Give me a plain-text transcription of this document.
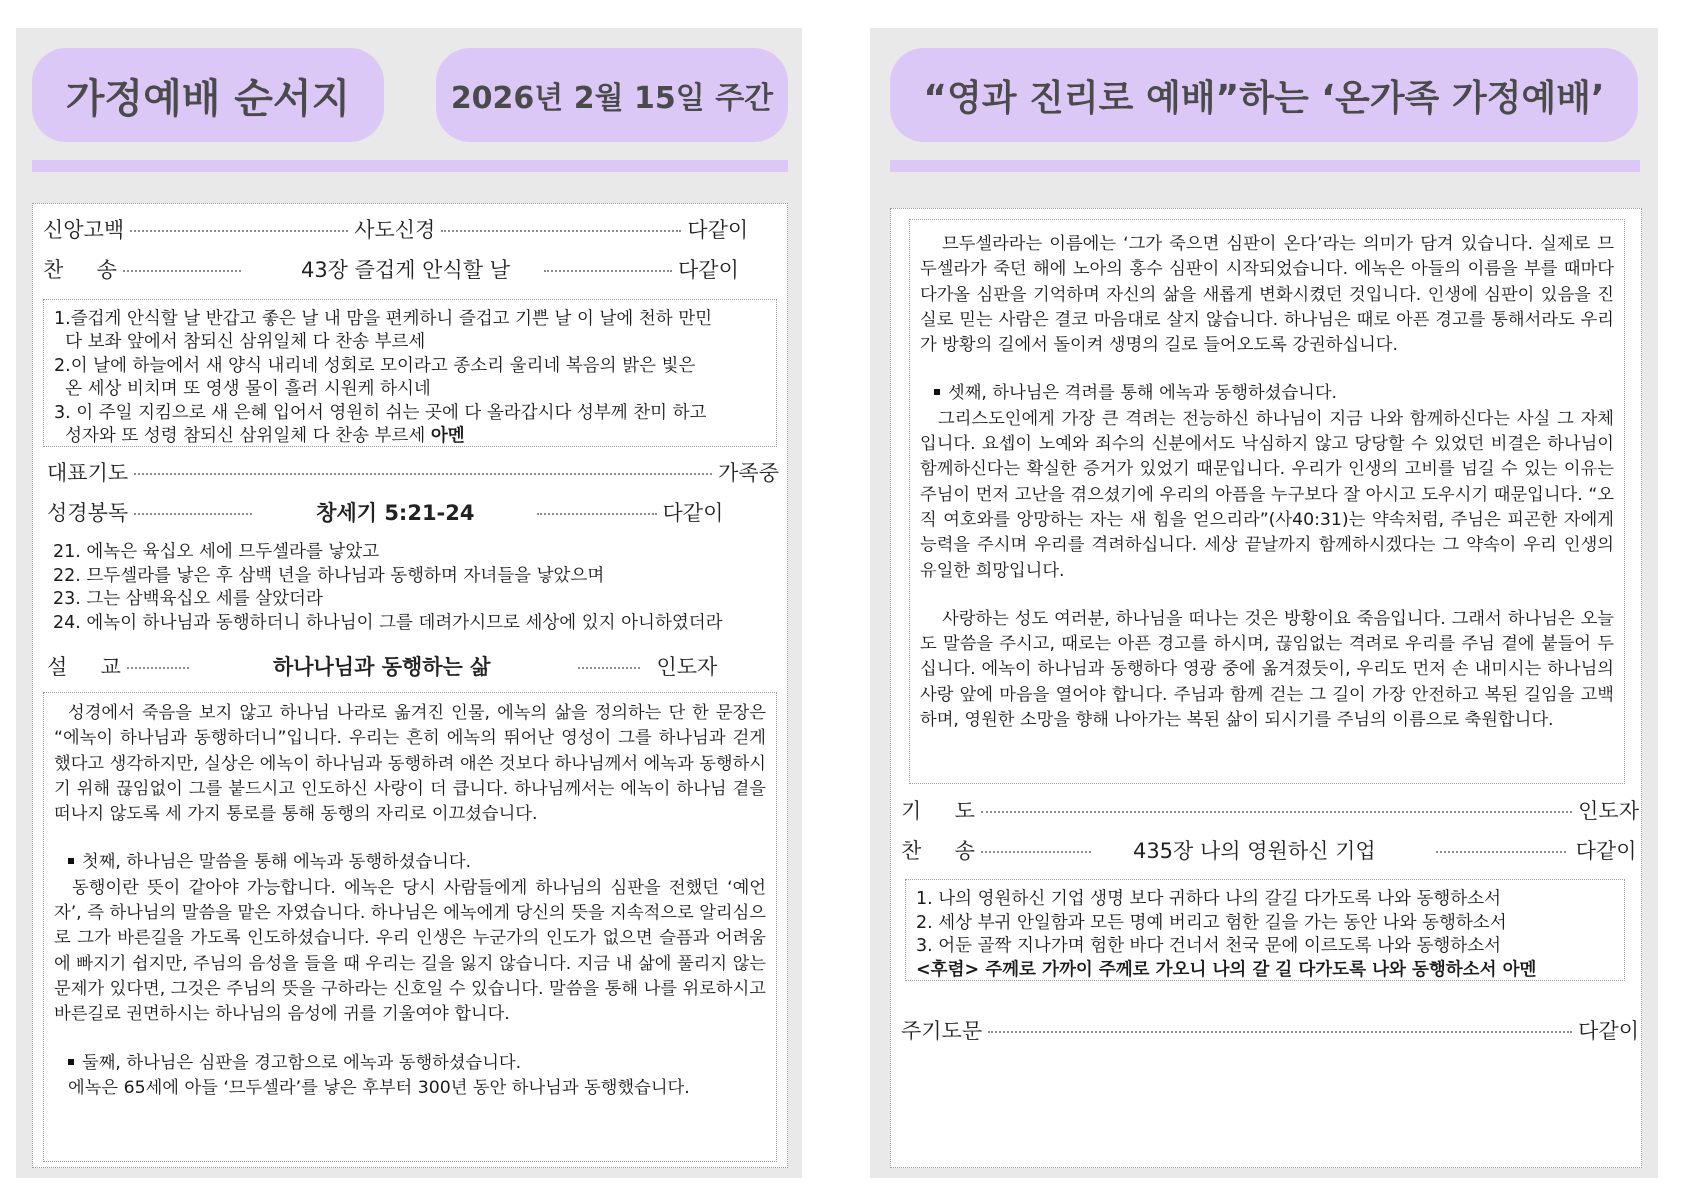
가정예배 순서지	2026년 2월 15일 주간
신앙고백	사도신경	다같이
찬     송	43장 즐겁게 안식할 날	다같이
1.즐겁게 안식할 날 반갑고 좋은 날 내 맘을 편케하니 즐겁고 기쁜 날 이 날에 천하 만민
다 보좌 앞에서 참되신 삼위일체 다 찬송 부르세
2.이 날에 하늘에서 새 양식 내리네 성회로 모이라고 종소리 울리네 복음의 밝은 빛은
온 세상 비치며 또 영생 물이 흘러 시원케 하시네
3. 이 주일 지킴으로 새 은혜 입어서 영원히 쉬는 곳에 다 올라갑시다 성부께 찬미 하고
성자와 또 성령 참되신 삼위일체 다 찬송 부르세 아멘
대표기도	가족중
성경봉독	창세기 5:21-24	다같이
21. 에녹은 육십오 세에 므두셀라를 낳았고
22. 므두셀라를 낳은 후 삼백 년을 하나님과 동행하며 자녀들을 낳았으며
23. 그는 삼백육십오 세를 살았더라
24. 에녹이 하나님과 동행하더니 하나님이 그를 데려가시므로 세상에 있지 아니하였더라
설     교	하나나님과 동행하는 삶	인도자
성경에서 죽음을 보지 않고 하나님 나라로 옮겨진 인물, 에녹의 삶을 정의하는 단 한 문장은 “에녹이 하나님과 동행하더니”입니다. 우리는 흔히 에녹의 뛰어난 영성이 그를 하나님과 걷게 했다고 생각하지만, 실상은 에녹이 하나님과 동행하려 애쓴 것보다 하나님께서 에녹과 동행하시기 위해 끊임없이 그를 붙드시고 인도하신 사랑이 더 큽니다. 하나님께서는 에녹이 하나님 곁을 떠나지 않도록 세 가지 통로를 통해 동행의 자리로 이끄셨습니다.
첫째, 하나님은 말씀을 통해 에녹과 동행하셨습니다.
동행이란 뜻이 같아야 가능합니다. 에녹은 당시 사람들에게 하나님의 심판을 전했던 ‘예언자’, 즉 하나님의 말씀을 맡은 자였습니다. 하나님은 에녹에게 당신의 뜻을 지속적으로 알리심으로 그가 바른길을 가도록 인도하셨습니다. 우리 인생은 누군가의 인도가 없으면 슬픔과 어려움에 빠지기 쉽지만, 주님의 음성을 들을 때 우리는 길을 잃지 않습니다. 지금 내 삶에 풀리지 않는 문제가 있다면, 그것은 주님의 뜻을 구하라는 신호일 수 있습니다. 말씀을 통해 나를 위로하시고 바른길로 권면하시는 하나님의 음성에 귀를 기울여야 합니다.
둘째, 하나님은 심판을 경고함으로 에녹과 동행하셨습니다.
에녹은 65세에 아들 ‘므두셀라’를 낳은 후부터 300년 동안 하나님과 동행했습니다.
“영과 진리로 예배”하는 ‘온가족 가정예배’
므두셀라라는 이름에는 ‘그가 죽으면 심판이 온다’라는 의미가 담겨 있습니다. 실제로 므두셀라가 죽던 해에 노아의 홍수 심판이 시작되었습니다. 에녹은 아들의 이름을 부를 때마다 다가올 심판을 기억하며 자신의 삶을 새롭게 변화시켰던 것입니다. 인생에 심판이 있음을 진실로 믿는 사람은 결코 마음대로 살지 않습니다. 하나님은 때로 아픈 경고를 통해서라도 우리가 방황의 길에서 돌이켜 생명의 길로 들어오도록 강권하십니다.
셋째, 하나님은 격려를 통해 에녹과 동행하셨습니다.
그리스도인에게 가장 큰 격려는 전능하신 하나님이 지금 나와 함께하신다는 사실 그 자체입니다. 요셉이 노예와 죄수의 신분에서도 낙심하지 않고 당당할 수 있었던 비결은 하나님이 함께하신다는 확실한 증거가 있었기 때문입니다. 우리가 인생의 고비를 넘길 수 있는 이유는 주님이 먼저 고난을 겪으셨기에 우리의 아픔을 누구보다 잘 아시고 도우시기 때문입니다. “오직 여호와를 앙망하는 자는 새 힘을 얻으리라”(사40:31)는 약속처럼, 주님은 피곤한 자에게 능력을 주시며 우리를 격려하십니다. 세상 끝날까지 함께하시겠다는 그 약속이 우리 인생의 유일한 희망입니다.
사랑하는 성도 여러분, 하나님을 떠나는 것은 방황이요 죽음입니다. 그래서 하나님은 오늘도 말씀을 주시고, 때로는 아픈 경고를 하시며, 끊임없는 격려로 우리를 주님 곁에 붙들어 두십니다. 에녹이 하나님과 동행하다 영광 중에 옮겨졌듯이, 우리도 먼저 손 내미시는 하나님의 사랑 앞에 마음을 열어야 합니다. 주님과 함께 걷는 그 길이 가장 안전하고 복된 길임을 고백하며, 영원한 소망을 향해 나아가는 복된 삶이 되시기를 주님의 이름으로 축원합니다.
기     도	인도자
찬     송	435장 나의 영원하신 기업	다같이
1. 나의 영원하신 기업 생명 보다 귀하다 나의 갈길 다가도록 나와 동행하소서
2. 세상 부귀 안일함과 모든 명예 버리고 험한 길을 가는 동안 나와 동행하소서
3. 어둔 골짝 지나가며 험한 바다 건너서 천국 문에 이르도록 나와 동행하소서
<후렴> 주께로 가까이 주께로 가오니 나의 갈 길 다가도록 나와 동행하소서 아멘
주기도문	다같이
